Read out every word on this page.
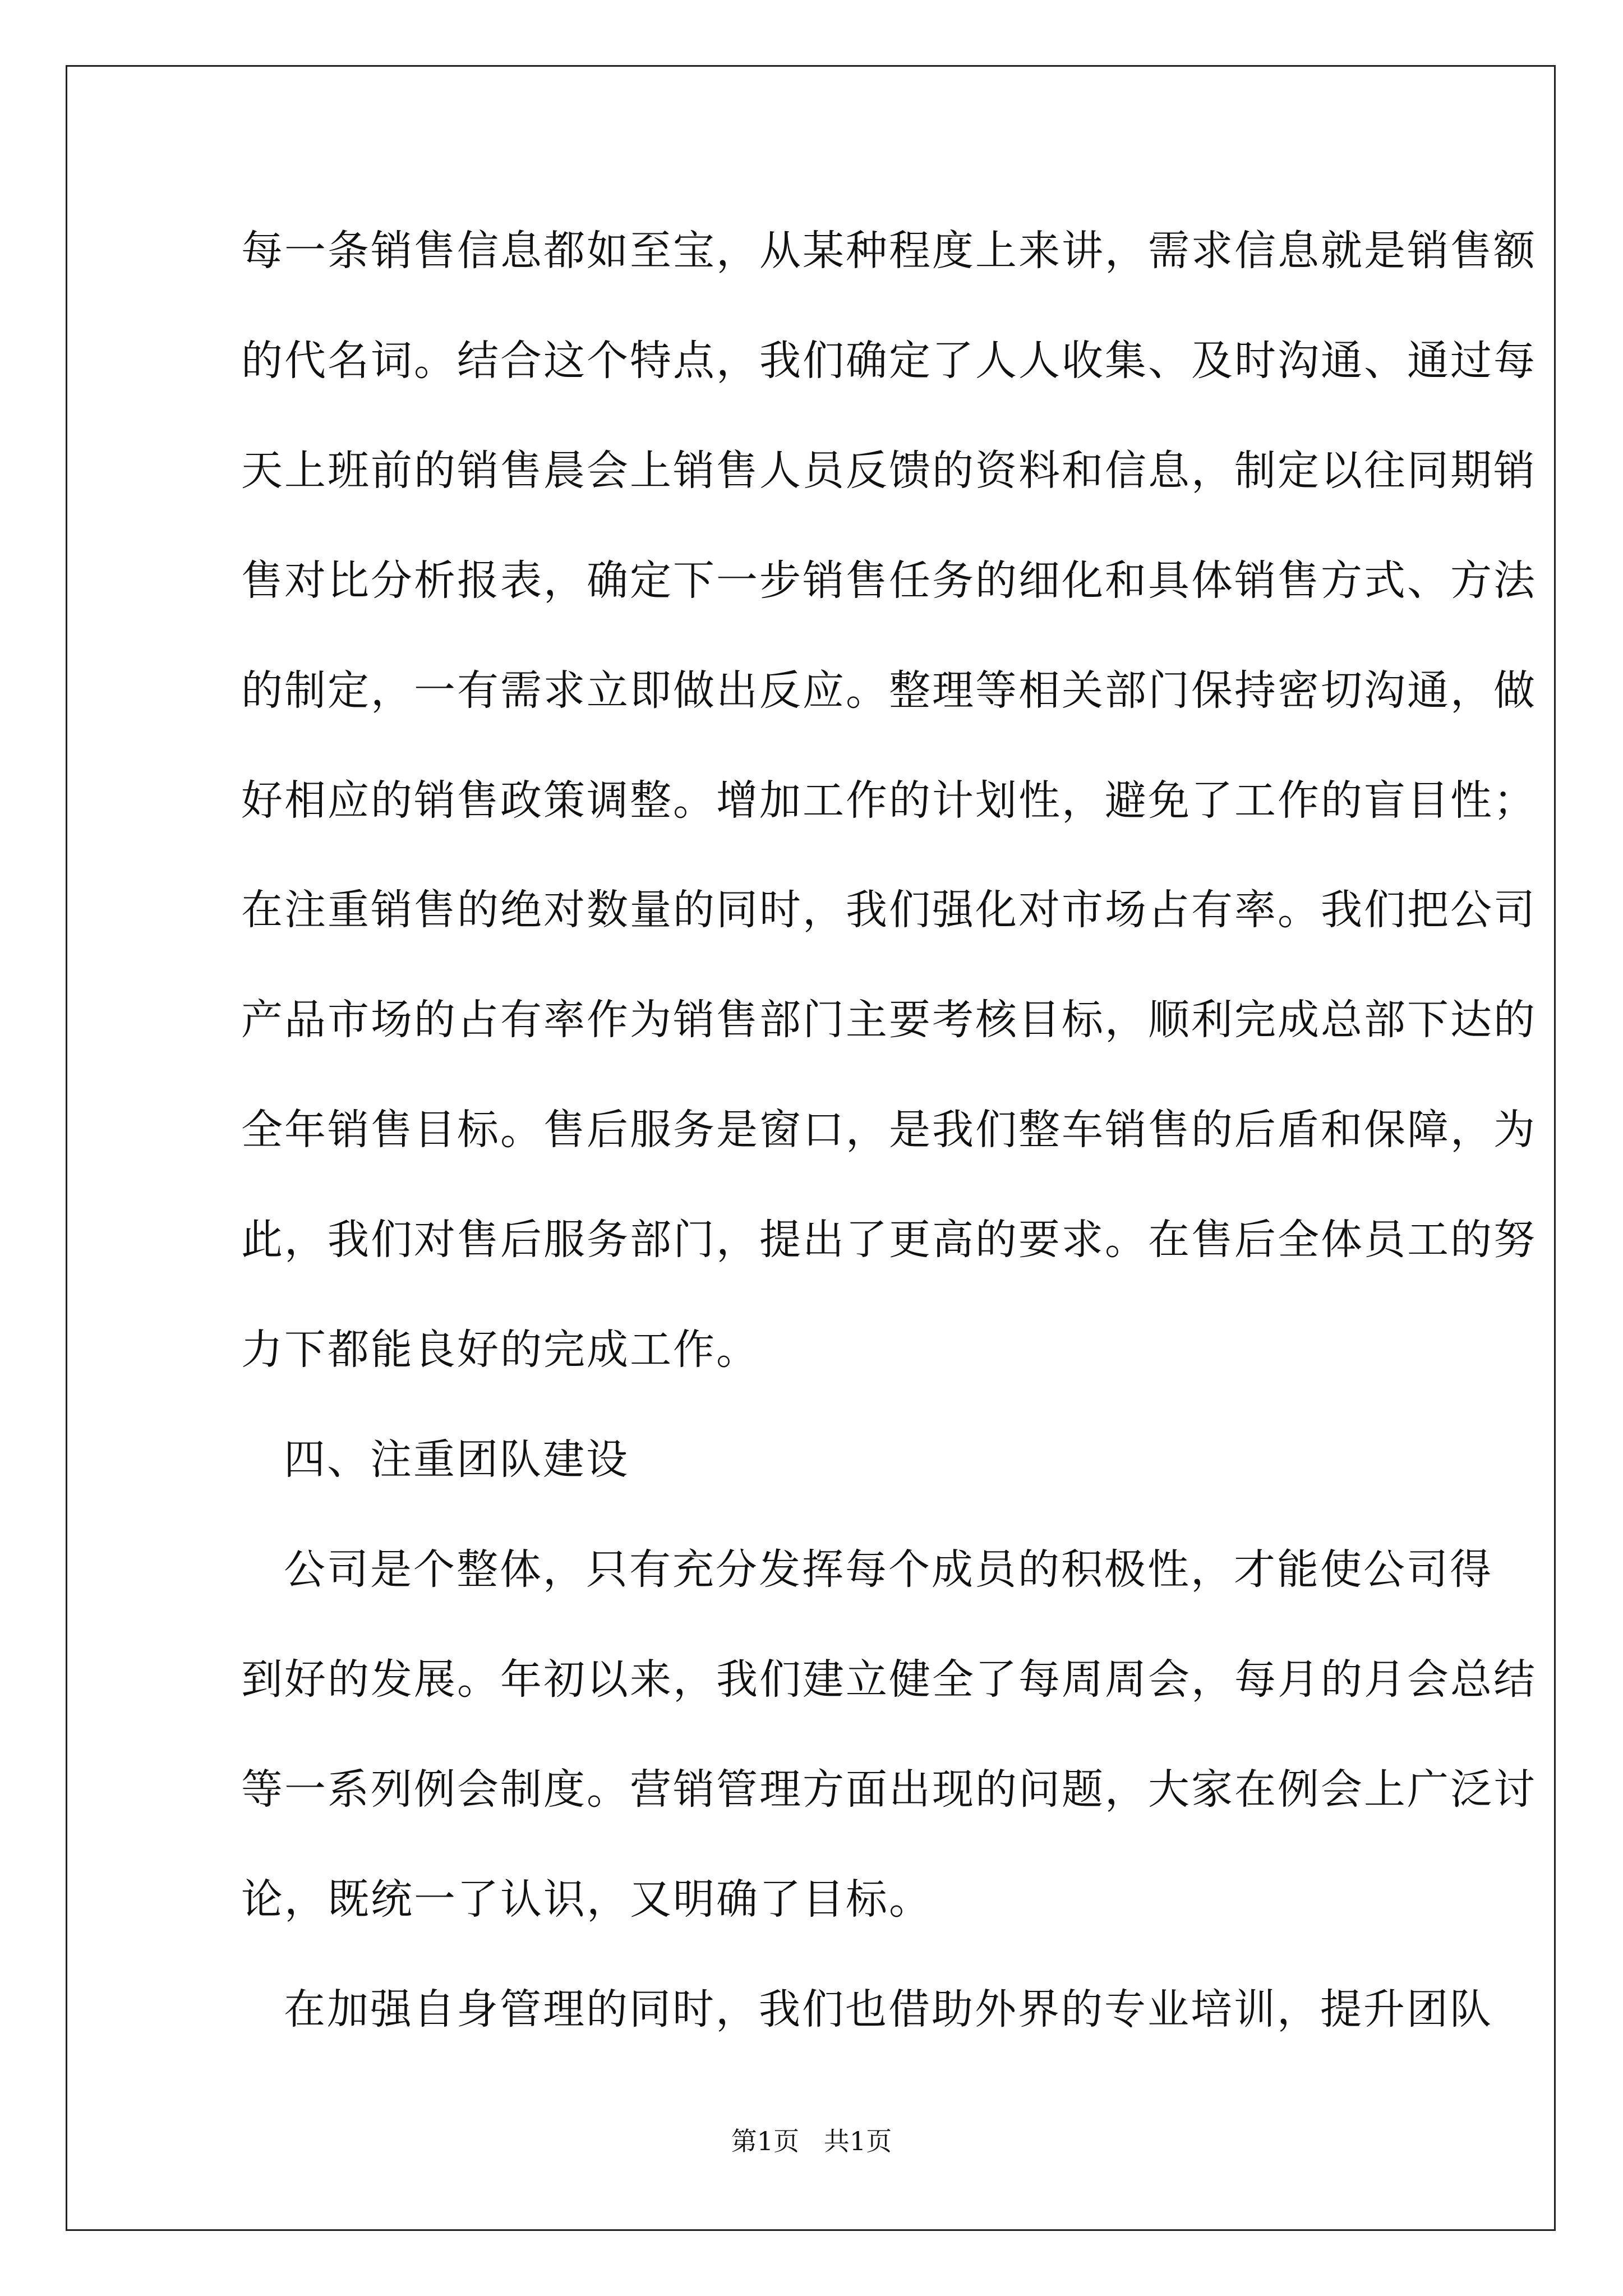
每一条销售信息都如至宝，从某种程度上来讲，需求信息就是销售额
的代名词。结合这个特点，我们确定了人人收集、及时沟通、通过每
天上班前的销售晨会上销售人员反馈的资料和信息，制定以往同期销
售对比分析报表，确定下一步销售任务的细化和具体销售方式、方法
的制定，一有需求立即做出反应。整理等相关部门保持密切沟通，做
好相应的销售政策调整。增加工作的计划性，避免了工作的盲目性；
在注重销售的绝对数量的同时，我们强化对市场占有率。我们把公司
产品市场的占有率作为销售部门主要考核目标，顺利完成总部下达的
全年销售目标。售后服务是窗口，是我们整车销售的后盾和保障，为
此，我们对售后服务部门，提出了更高的要求。在售后全体员工的努
力下都能良好的完成工作。
四、注重团队建设
公司是个整体，只有充分发挥每个成员的积极性，才能使公司得
到好的发展。年初以来，我们建立健全了每周周会，每月的月会总结
等一系列例会制度。营销管理方面出现的问题，大家在例会上广泛讨
论，既统一了认识，又明确了目标。
在加强自身管理的同时，我们也借助外界的专业培训，提升团队
第1页   共1页
